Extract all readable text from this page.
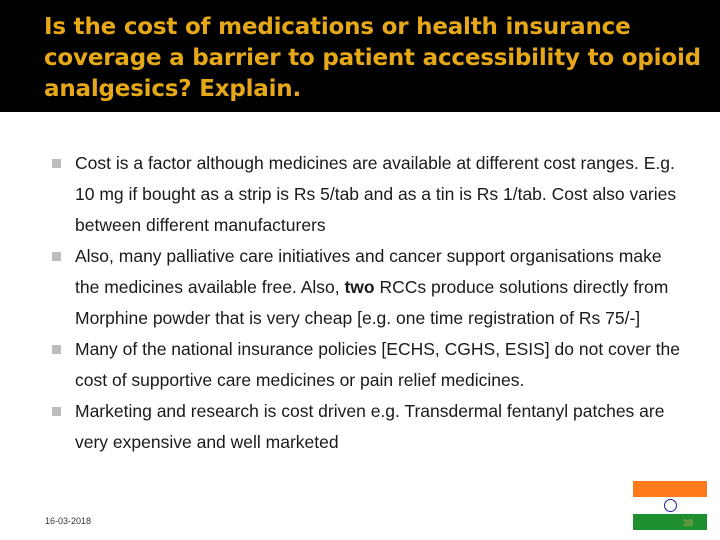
Is the cost of medications or health insurance coverage a barrier to patient accessibility to opioid analgesics? Explain.
Cost is a factor although medicines are available at different cost ranges. E.g. 10 mg if bought as a strip is Rs 5/tab and as a tin is Rs 1/tab. Cost also varies between different manufacturers
Also, many palliative care initiatives and cancer support organisations make the medicines available free. Also, two RCCs produce solutions directly from Morphine powder that is very cheap [e.g. one time registration of Rs 75/-]
Many of the national insurance policies [ECHS, CGHS, ESIS] do not cover the cost of supportive care medicines or pain relief medicines.
Marketing and research is cost driven e.g. Transdermal fentanyl patches are very expensive and well marketed
16-03-2018	38
